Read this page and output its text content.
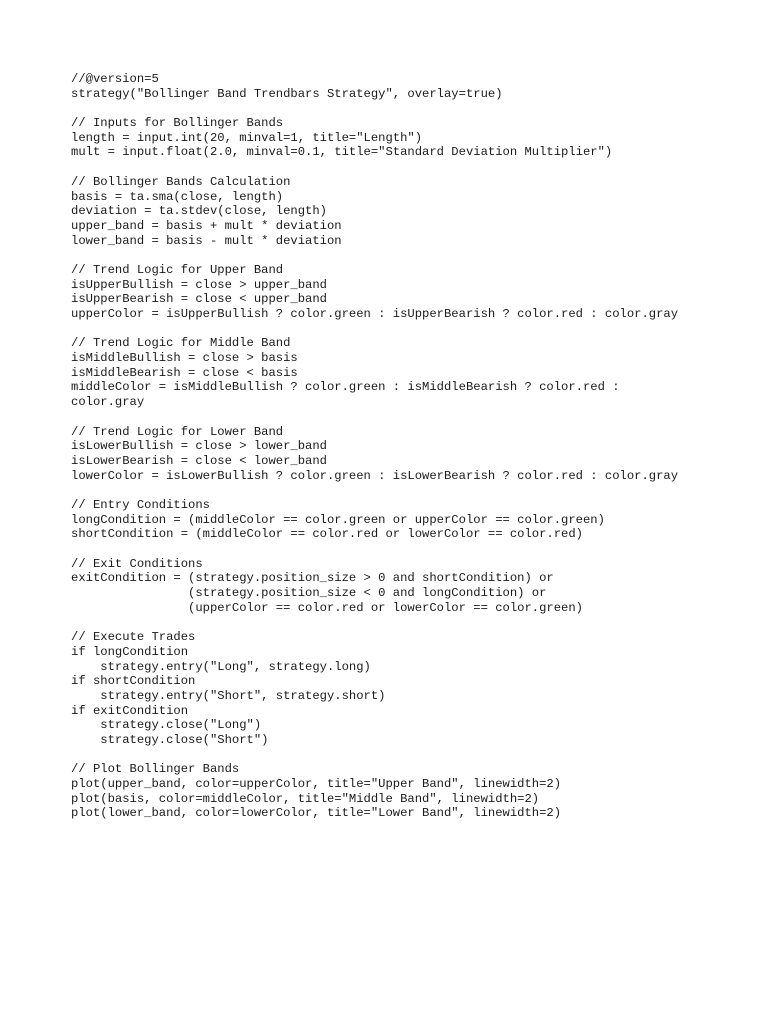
//@version=5
strategy("Bollinger Band Trendbars Strategy", overlay=true)
// Inputs for Bollinger Bands
length = input.int(20, minval=1, title="Length")
mult = input.float(2.0, minval=0.1, title="Standard Deviation Multiplier")
// Bollinger Bands Calculation
basis = ta.sma(close, length)
deviation = ta.stdev(close, length)
upper_band = basis + mult * deviation
lower_band = basis - mult * deviation
// Trend Logic for Upper Band
isUpperBullish = close > upper_band
isUpperBearish = close < upper_band
upperColor = isUpperBullish ? color.green : isUpperBearish ? color.red : color.gray
// Trend Logic for Middle Band
isMiddleBullish = close > basis
isMiddleBearish = close < basis
middleColor = isMiddleBullish ? color.green : isMiddleBearish ? color.red :
color.gray
// Trend Logic for Lower Band
isLowerBullish = close > lower_band
isLowerBearish = close < lower_band
lowerColor = isLowerBullish ? color.green : isLowerBearish ? color.red : color.gray
// Entry Conditions
longCondition = (middleColor == color.green or upperColor == color.green)
shortCondition = (middleColor == color.red or lowerColor == color.red)
// Exit Conditions
exitCondition = (strategy.position_size > 0 and shortCondition) or
(strategy.position_size < 0 and longCondition) or
(upperColor == color.red or lowerColor == color.green)
// Execute Trades
if longCondition
strategy.entry("Long", strategy.long)
if shortCondition
strategy.entry("Short", strategy.short)
if exitCondition
strategy.close("Long")
strategy.close("Short")
// Plot Bollinger Bands
plot(upper_band, color=upperColor, title="Upper Band", linewidth=2)
plot(basis, color=middleColor, title="Middle Band", linewidth=2)
plot(lower_band, color=lowerColor, title="Lower Band", linewidth=2)
